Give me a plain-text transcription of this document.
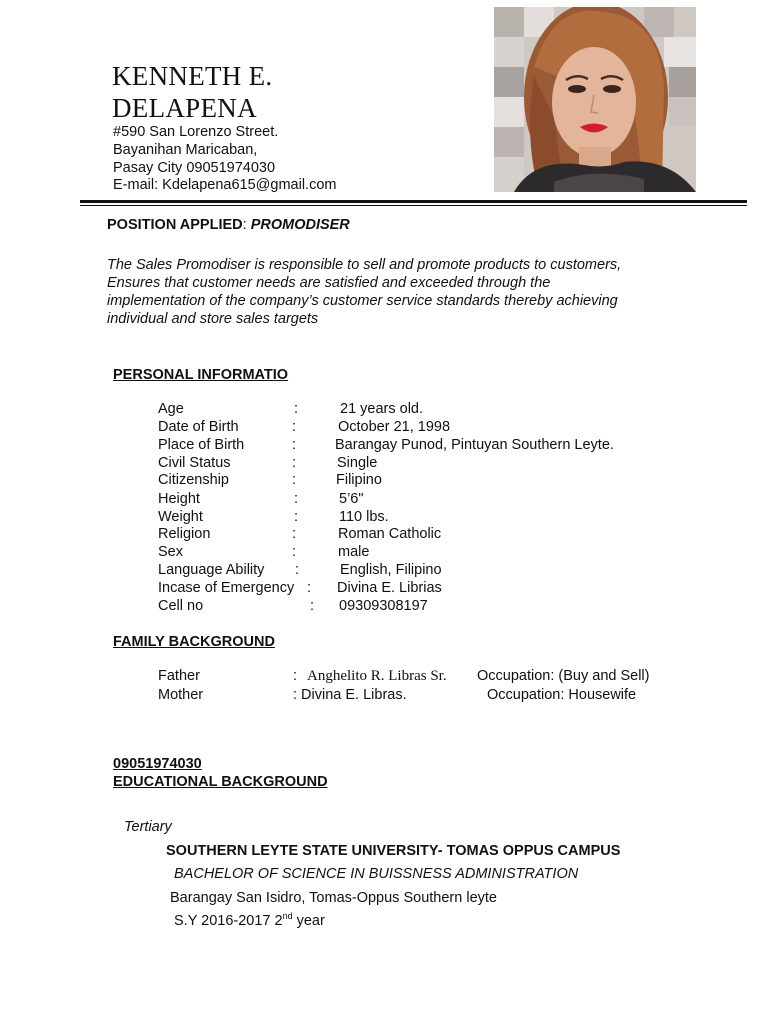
KENNETH E.
DELAPENA
#590 San Lorenzo Street.
Bayanihan Maricaban,
Pasay City 09051974030
E-mail: Kdelapena615@gmail.com
POSITION APPLIED: PROMODISER
The Sales Promodiser is responsible to sell and promote products to customers,
Ensures that customer needs are satisfied and exceeded through the
implementation of the company’s customer service standards thereby achieving
individual and store sales targets
PERSONAL INFORMATIO
Age	:	21 years old.
Date of Birth	:	October 21, 1998
Place of Birth	:	Barangay Punod, Pintuyan Southern Leyte.
Civil Status	:	Single
Citizenship	:	Filipino
Height	:	5’6"
Weight	:	110 lbs.
Religion	:	Roman Catholic
Sex	:	male
Language Ability :	English, Filipino
Incase of Emergency : Divina E. Librias
Cell no	: 09309308197
FAMILY BACKGROUND
Father	: Anghelito R. Libras Sr. Occupation: (Buy and Sell)
Mother	: Divina E. Libras.	Occupation: Housewife
09051974030
EDUCATIONAL BACKGROUND
Tertiary
SOUTHERN LEYTE STATE UNIVERSITY- TOMAS OPPUS CAMPUS
BACHELOR OF SCIENCE IN BUISSNESS ADMINISTRATION
Barangay San Isidro, Tomas-Oppus Southern leyte
S.Y 2016-2017 2nd year
